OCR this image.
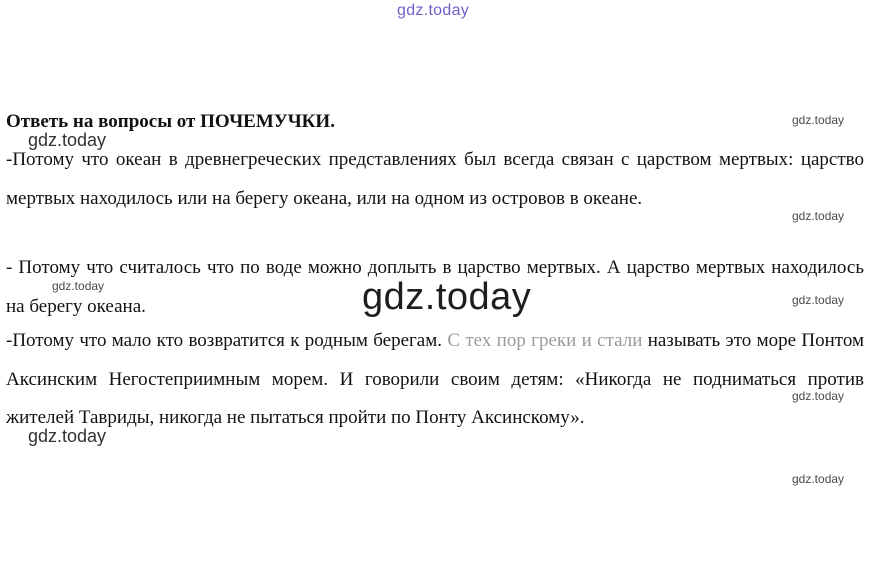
gdz.today
Ответь на вопросы от ПОЧЕМУЧКИ.

-Потому что океан в древнегреческих представлениях был всегда связан с царством мертвых: царство мертвых находилось или на берегу океана, или на одном из островов в океане.

- Потому что считалось что по воде можно доплыть в царство мертвых. А царство мертвых находилось на берегу океана.

-Потому что мало кто возвратится к родным берегам. С тех пор греки и стали называть это море Понтом Аксинским Негостеприимным морем. И говорили своим детям: «Никогда не подниматься против жителей Тавриды, никогда не пытаться пройти по Понту Аксинскому».

gdz.today
gdz.today
gdz.today
gdz.today
gdz.today
gdz.today
gdz.today
gdz.today
gdz.today
